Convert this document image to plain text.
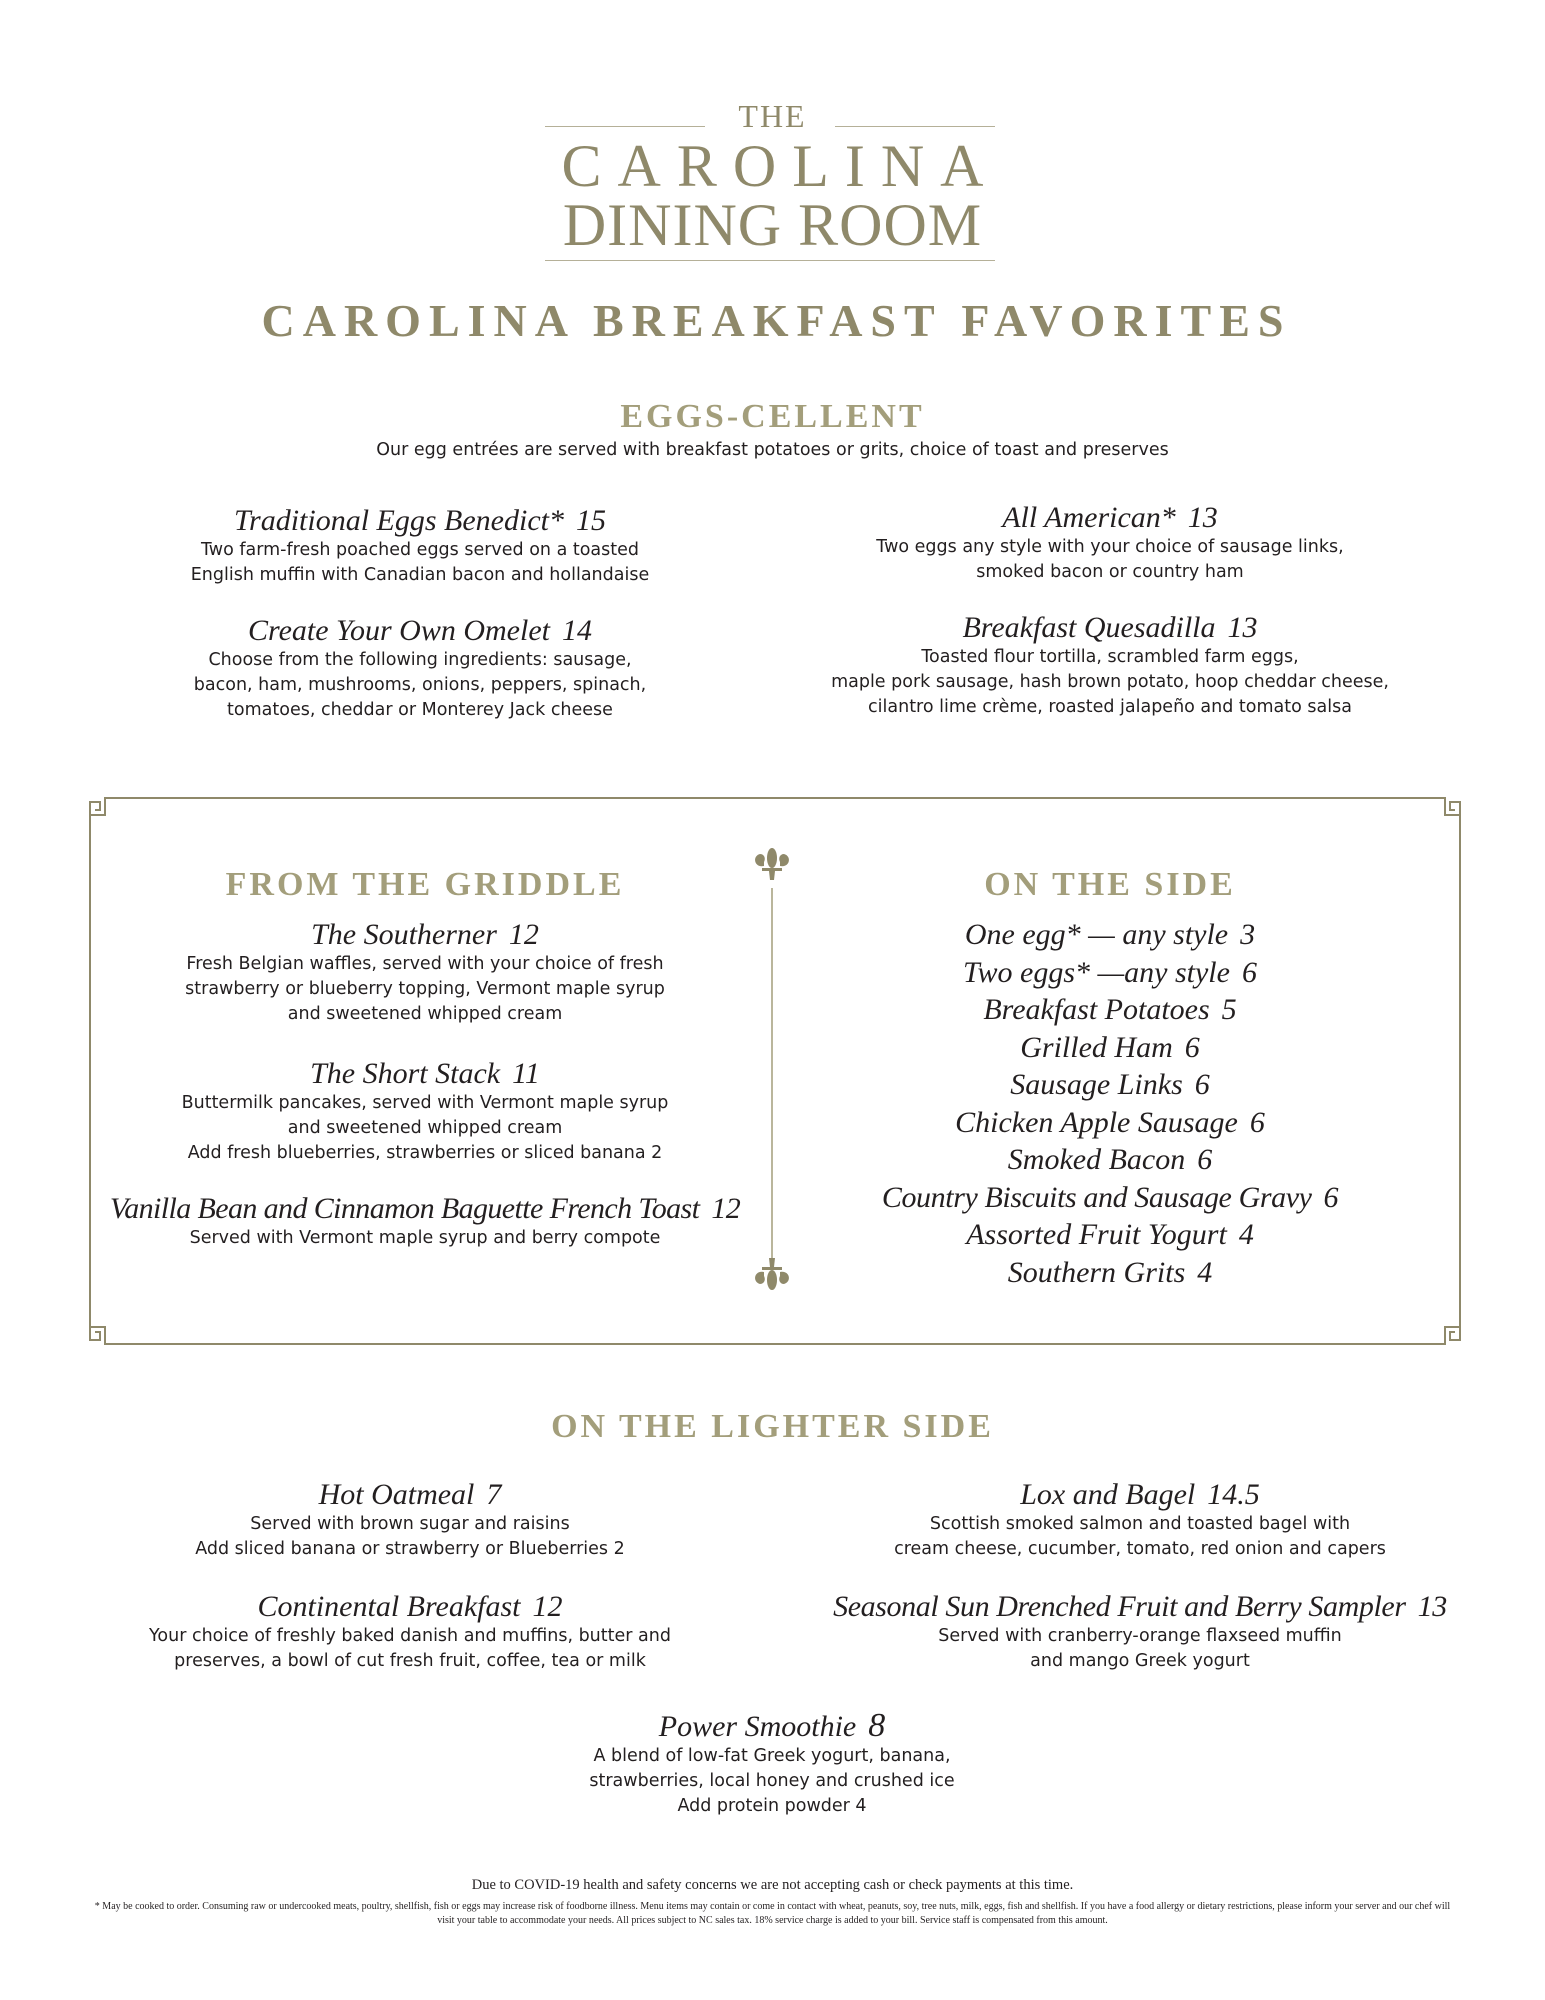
THE
CAROLINA
DINING ROOM
CAROLINA BREAKFAST FAVORITES
EGGS-CELLENT
Our egg entrées are served with breakfast potatoes or grits, choice of toast and preserves
Traditional Eggs Benedict* 15
Two farm-fresh poached eggs served on a toasted
English muffin with Canadian bacon and hollandaise
All American* 13
Two eggs any style with your choice of sausage links,
smoked bacon or country ham
Create Your Own Omelet 14
Choose from the following ingredients: sausage,
bacon, ham, mushrooms, onions, peppers, spinach,
tomatoes, cheddar or Monterey Jack cheese
Breakfast Quesadilla 13
Toasted flour tortilla, scrambled farm eggs,
maple pork sausage, hash brown potato, hoop cheddar cheese,
cilantro lime crème, roasted jalapeño and tomato salsa
FROM THE GRIDDLE
The Southerner 12
Fresh Belgian waffles, served with your choice of fresh
strawberry or blueberry topping, Vermont maple syrup
and sweetened whipped cream
The Short Stack 11
Buttermilk pancakes, served with Vermont maple syrup
and sweetened whipped cream
Add fresh blueberries, strawberries or sliced banana 2
Vanilla Bean and Cinnamon Baguette French Toast 12
Served with Vermont maple syrup and berry compote
ON THE SIDE
One egg* — any style 3
Two eggs* —any style 6
Breakfast Potatoes 5
Grilled Ham 6
Sausage Links 6
Chicken Apple Sausage 6
Smoked Bacon 6
Country Biscuits and Sausage Gravy 6
Assorted Fruit Yogurt 4
Southern Grits 4
ON THE LIGHTER SIDE
Hot Oatmeal 7
Served with brown sugar and raisins
Add sliced banana or strawberry or Blueberries 2
Lox and Bagel 14.5
Scottish smoked salmon and toasted bagel with
cream cheese, cucumber, tomato, red onion and capers
Continental Breakfast 12
Your choice of freshly baked danish and muffins, butter and
preserves, a bowl of cut fresh fruit, coffee, tea or milk
Seasonal Sun Drenched Fruit and Berry Sampler 13
Served with cranberry-orange flaxseed muffin
and mango Greek yogurt
Power Smoothie 8
A blend of low-fat Greek yogurt, banana,
strawberries, local honey and crushed ice
Add protein powder 4
Due to COVID-19 health and safety concerns we are not accepting cash or check payments at this time.
* May be cooked to order. Consuming raw or undercooked meats, poultry, shellfish, fish or eggs may increase risk of foodborne illness. Menu items may contain or come in contact with wheat, peanuts, soy, tree nuts, milk, eggs, fish and shellfish. If you have a food allergy or dietary restrictions, please inform your server and our chef will visit your table to accommodate your needs. All prices subject to NC sales tax. 18% service charge is added to your bill. Service staff is compensated from this amount.
